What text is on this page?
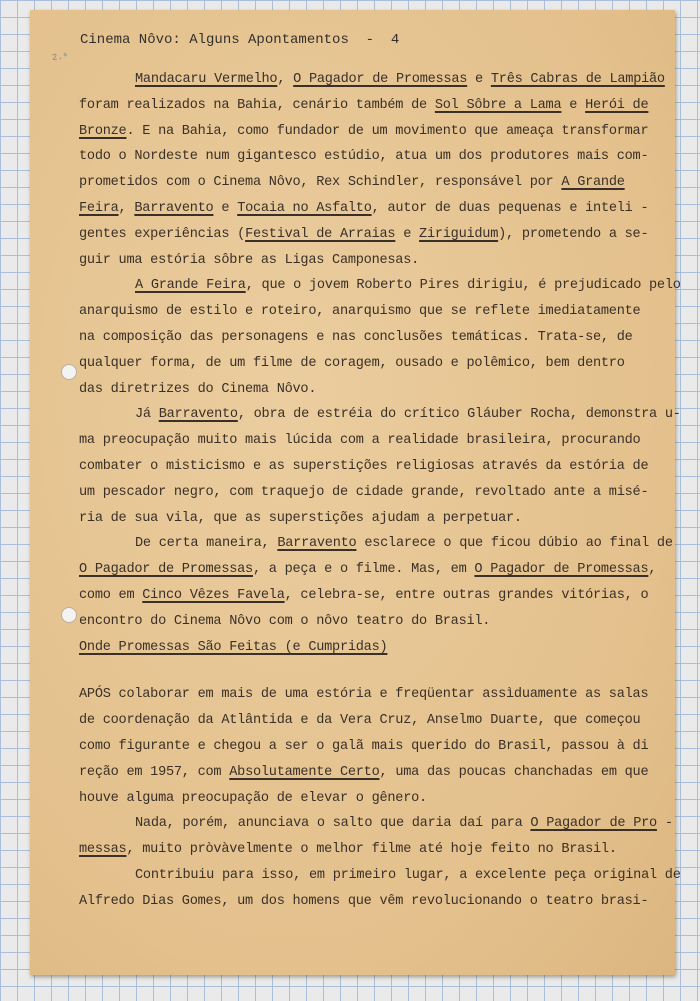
2.ᵃ
Cinema Nôvo: Alguns Apontamentos  -  4
Mandacaru Vermelho, O Pagador de Promessas e Três Cabras de Lampião
foram realizados na Bahia, cenário também de Sol Sôbre a Lama e Herói de
Bronze. E na Bahia, como fundador de um movimento que ameaça transformar
todo o Nordeste num gigantesco estúdio, atua um dos produtores mais com-
prometidos com o Cinema Nôvo, Rex Schindler, responsável por A Grande
Feira, Barravento e Tocaia no Asfalto, autor de duas pequenas e inteli -
gentes experiências (Festival de Arraias e Ziriguidum), prometendo a se-
guir uma estória sôbre as Ligas Camponesas.
A Grande Feira, que o jovem Roberto Pires dirigiu, é prejudicado pelo
anarquismo de estilo e roteiro, anarquismo que se reflete imediatamente
na composição das personagens e nas conclusões temáticas. Trata-se, de
qualquer forma, de um filme de coragem, ousado e polêmico, bem dentro
das diretrizes do Cinema Nôvo.
Já Barravento, obra de estréia do crítico Gláuber Rocha, demonstra u-
ma preocupação muito mais lúcida com a realidade brasileira, procurando
combater o misticismo e as superstições religiosas através da estória de
um pescador negro, com traquejo de cidade grande, revoltado ante a misé-
ria de sua vila, que as superstições ajudam a perpetuar.
De certa maneira, Barravento esclarece o que ficou dúbio ao final de
O Pagador de Promessas, a peça e o filme. Mas, em O Pagador de Promessas,
como em Cinco Vêzes Favela, celebra-se, entre outras grandes vitórias, o
encontro do Cinema Nôvo com o nôvo teatro do Brasil.
Onde Promessas São Feitas (e Cumpridas)
APÓS colaborar em mais de uma estória e freqüentar assìduamente as salas
de coordenação da Atlântida e da Vera Cruz, Anselmo Duarte, que começou
como figurante e chegou a ser o galã mais querido do Brasil, passou à di
reção em 1957, com Absolutamente Certo, uma das poucas chanchadas em que
houve alguma preocupação de elevar o gênero.
Nada, porém, anunciava o salto que daria daí para O Pagador de Pro -
messas, muito pròvàvelmente o melhor filme até hoje feito no Brasil.
Contribuiu para isso, em primeiro lugar, a excelente peça original de
Alfredo Dias Gomes, um dos homens que vêm revolucionando o teatro brasi-
